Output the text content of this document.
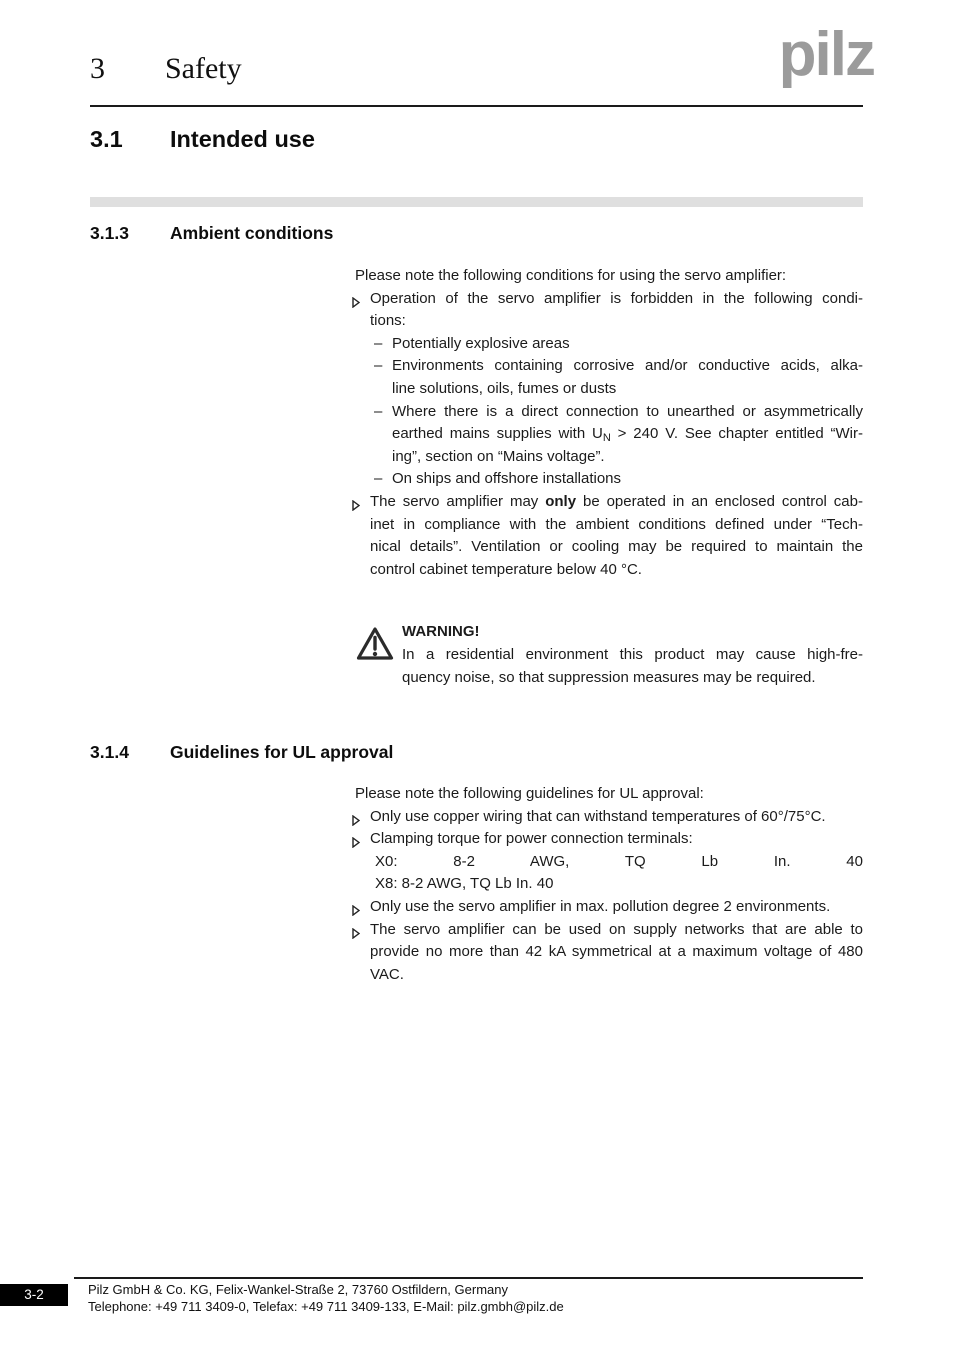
3 Safety	pilz
3.1 Intended use
3.1.3 Ambient conditions
Please note the following conditions for using the servo amplifier:
Operation of the servo amplifier is forbidden in the following condi-
tions:
– Potentially explosive areas
– Environments containing corrosive and/or conductive acids, alka-
line solutions, oils, fumes or dusts
– Where there is a direct connection to unearthed or asymmetrically
earthed mains supplies with $U_N > 240$ V. See chapter entitled “Wir-
ing”, section on “Mains voltage”.
– On ships and offshore installations
The servo amplifier may only be operated in an enclosed control cab-
inet in compliance with the ambient conditions defined under “Tech-
nical details”. Ventilation or cooling may be required to maintain the
control cabinet temperature below 40 °C.
WARNING!
In a residential environment this product may cause high-fre-
quency noise, so that suppression measures may be required.
3.1.4 Guidelines for UL approval
Please note the following guidelines for UL approval:
Only use copper wiring that can withstand temperatures of 60°/75°C.
Clamping torque for power connection terminals:
X0: 8-2 AWG, TQ Lb In. 40
X8: 8-2 AWG, TQ Lb In. 40
Only use the servo amplifier in max. pollution degree 2 environments.
The servo amplifier can be used on supply networks that are able to
provide no more than 42 kA symmetrical at a maximum voltage of 480
VAC.
3-2	Pilz GmbH & Co. KG, Felix-Wankel-Straße 2, 73760 Ostfildern, Germany
Telephone: +49 711 3409-0, Telefax: +49 711 3409-133, E-Mail: pilz.gmbh@pilz.de
